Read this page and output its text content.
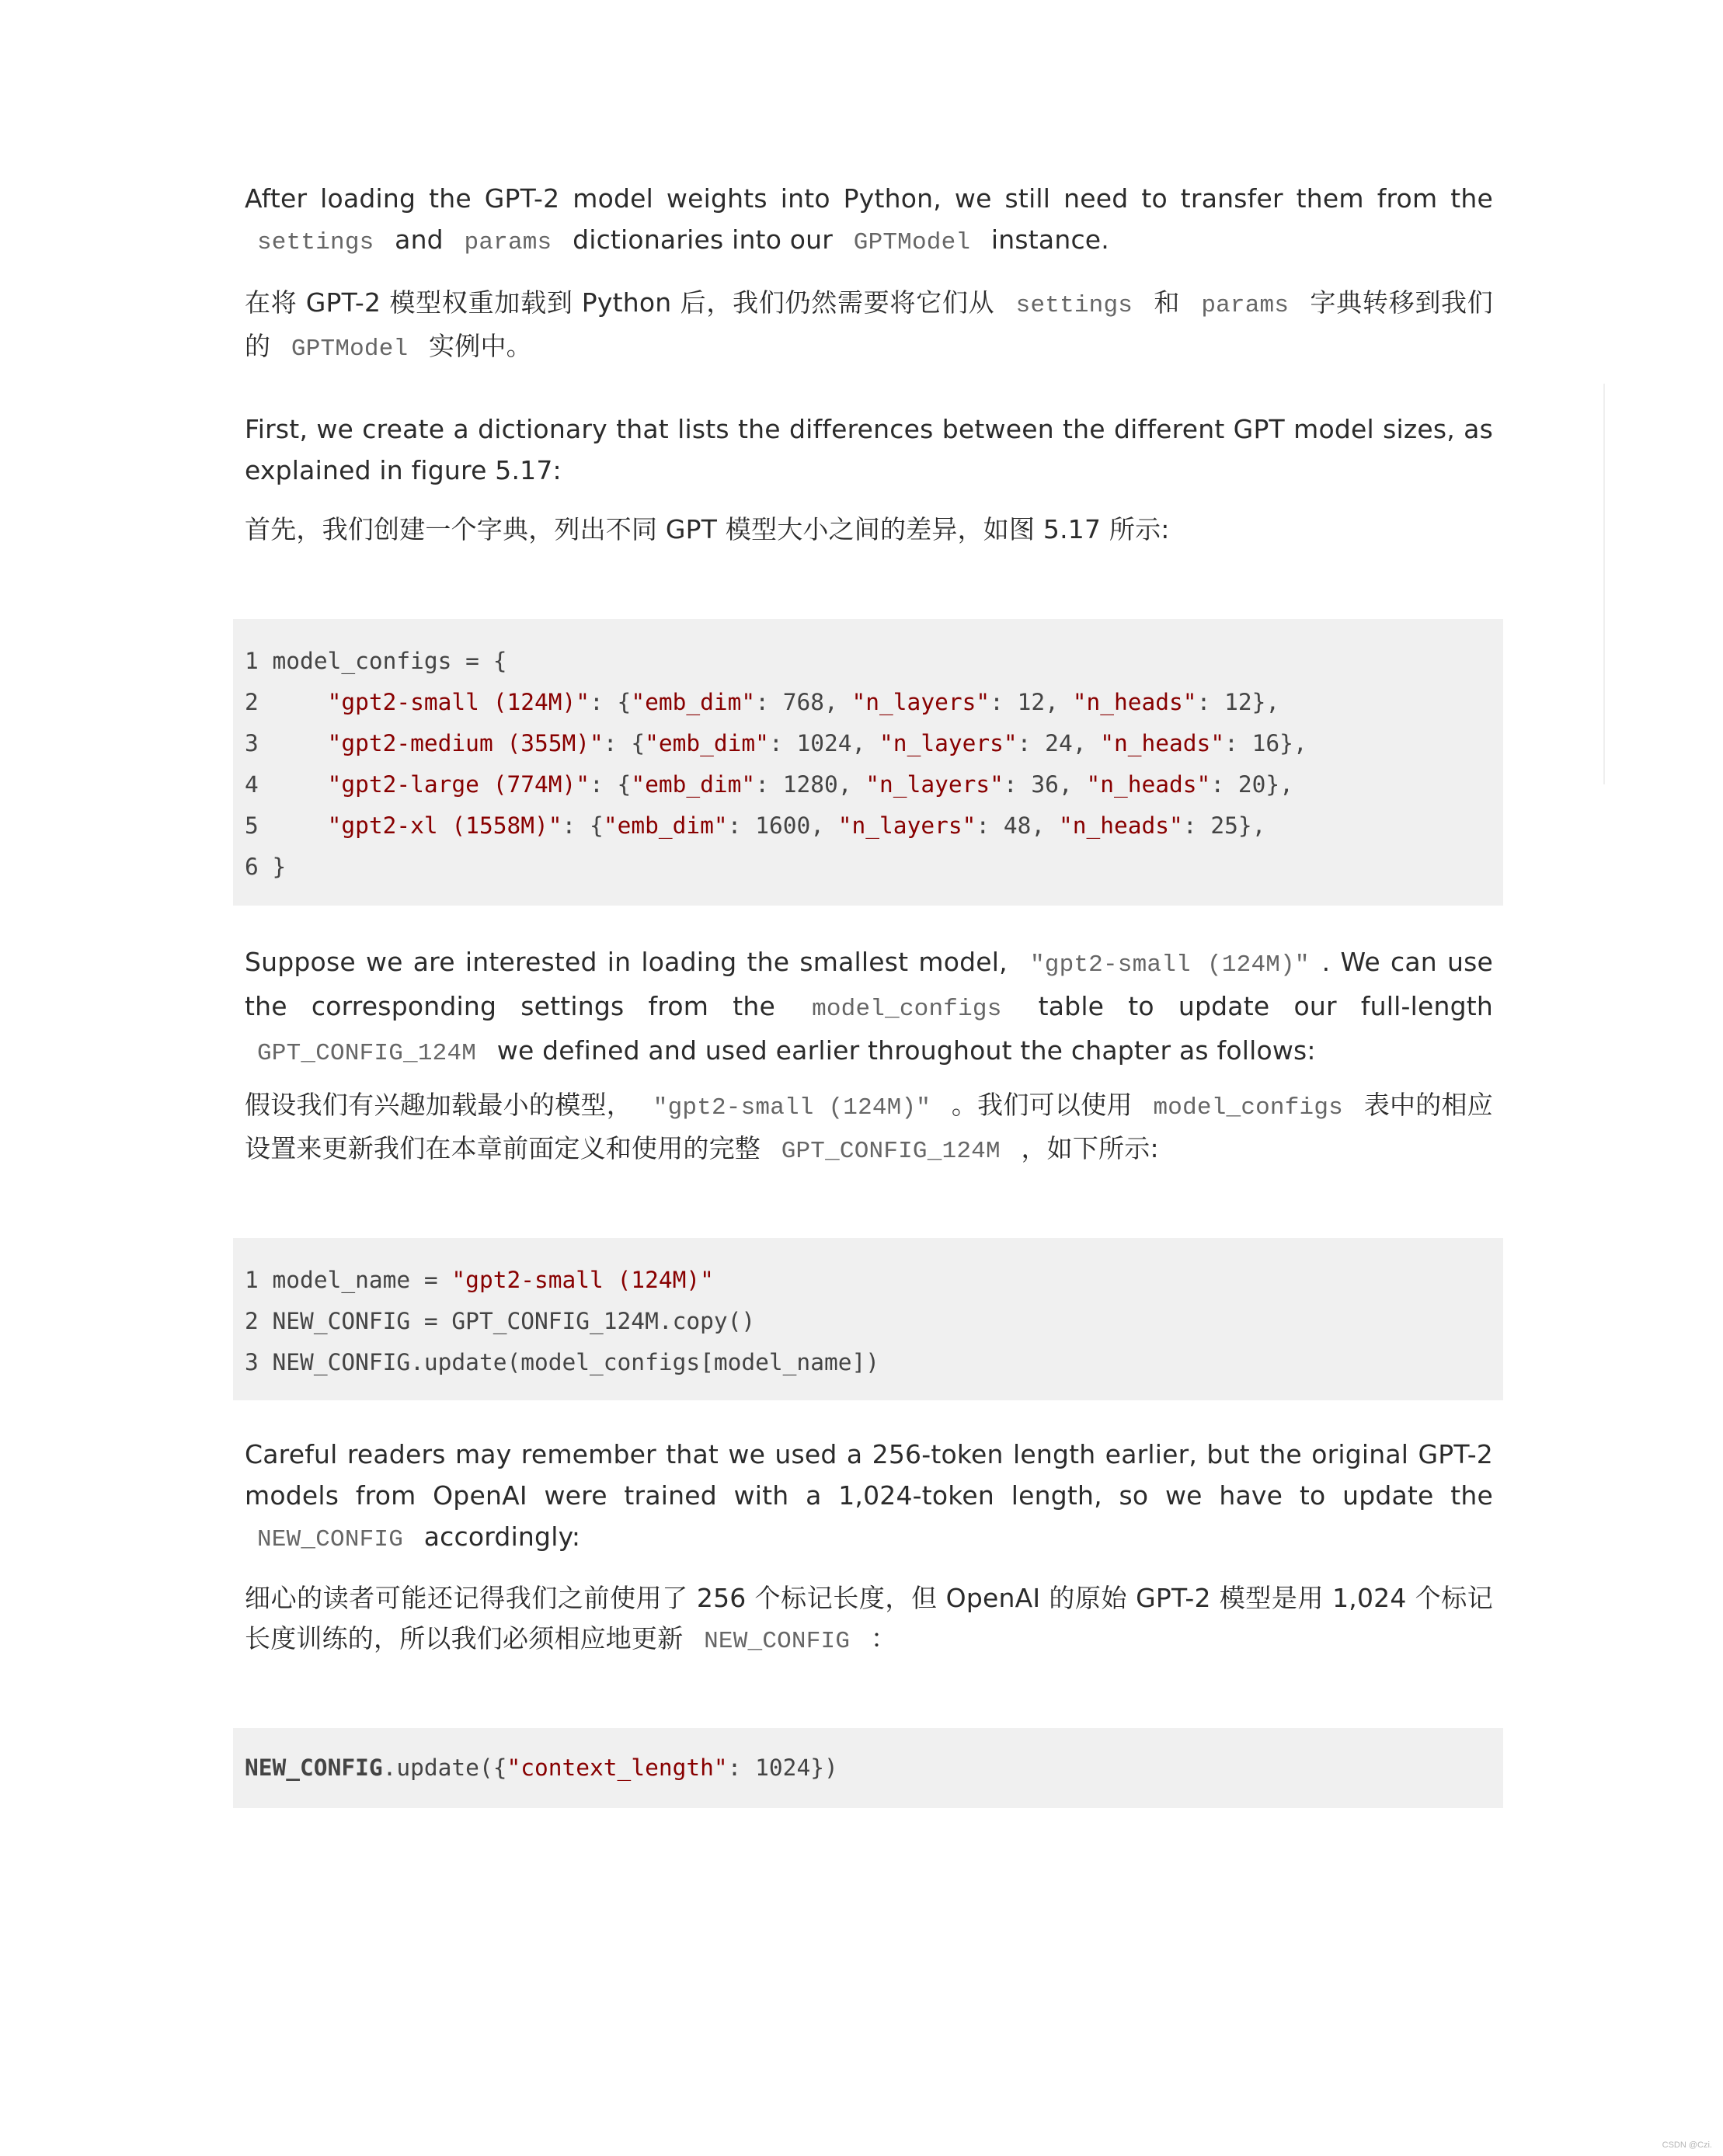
After loading the GPT-2 model weights into Python, we still need to transfer them from the settings and params dictionaries into our GPTModel instance.

在将 GPT-2 模型权重加载到 Python 后，我们仍然需要将它们从 settings 和 params 字典转移到我们的 GPTModel 实例中。

First, we create a dictionary that lists the differences between the different GPT model sizes, as explained in figure 5.17:

首先，我们创建一个字典，列出不同 GPT 模型大小之间的差异，如图 5.17 所示:

1 model_configs = {
2	"gpt2-small (124M)": {"emb_dim": 768, "n_layers": 12, "n_heads": 12},
3	"gpt2-medium (355M)": {"emb_dim": 1024, "n_layers": 24, "n_heads": 16},
4	"gpt2-large (774M)": {"emb_dim": 1280, "n_layers": 36, "n_heads": 20},
5	"gpt2-xl (1558M)": {"emb_dim": 1600, "n_layers": 48, "n_heads": 25},
6 }

Suppose we are interested in loading the smallest model, "gpt2-small (124M)" . We can use the corresponding settings from the model_configs table to update our full-length GPT_CONFIG_124M we defined and used earlier throughout the chapter as follows:

假设我们有兴趣加载最小的模型， "gpt2-small (124M)" 。我们可以使用 model_configs 表中的相应设置来更新我们在本章前面定义和使用的完整 GPT_CONFIG_124M ，如下所示:

1 model_name = "gpt2-small (124M)"
2 NEW_CONFIG = GPT_CONFIG_124M.copy()
3 NEW_CONFIG.update(model_configs[model_name])

Careful readers may remember that we used a 256-token length earlier, but the original GPT-2 models from OpenAI were trained with a 1,024-token length, so we have to update the NEW_CONFIG accordingly:

细心的读者可能还记得我们之前使用了 256 个标记长度，但 OpenAI 的原始 GPT-2 模型是用 1,024 个标记长度训练的，所以我们必须相应地更新 NEW_CONFIG ：

NEW_CONFIG.update({"context_length": 1024})
CSDN @Czi.
